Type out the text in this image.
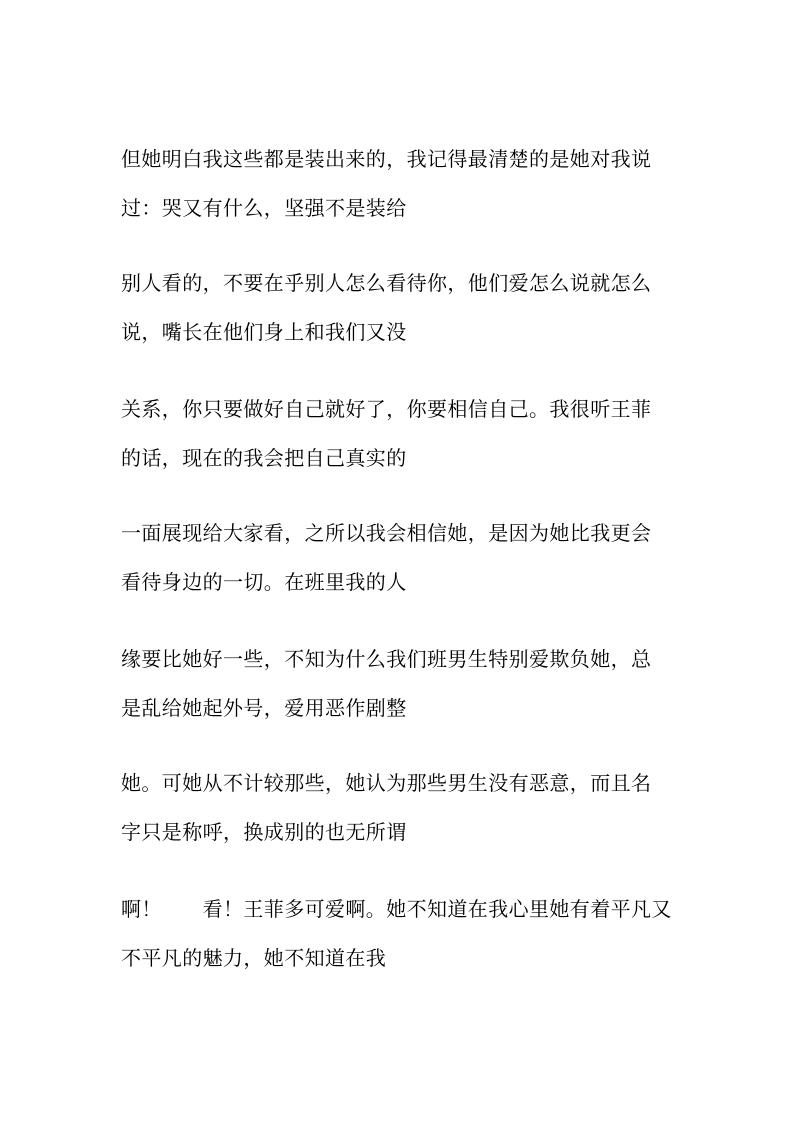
但她明白我这些都是装出来的，我记得最清楚的是她对我说
过：哭又有什么，坚强不是装给

别人看的，不要在乎别人怎么看待你，他们爱怎么说就怎么
说，嘴长在他们身上和我们又没

关系，你只要做好自己就好了，你要相信自己。我很听王菲
的话，现在的我会把自己真实的

一面展现给大家看，之所以我会相信她，是因为她比我更会
看待身边的一切。在班里我的人

缘要比她好一些，不知为什么我们班男生特别爱欺负她，总
是乱给她起外号，爱用恶作剧整

她。可她从不计较那些，她认为那些男生没有恶意，而且名
字只是称呼，换成别的也无所谓

啊！　　看！王菲多可爱啊。她不知道在我心里她有着平凡又
不平凡的魅力，她不知道在我
